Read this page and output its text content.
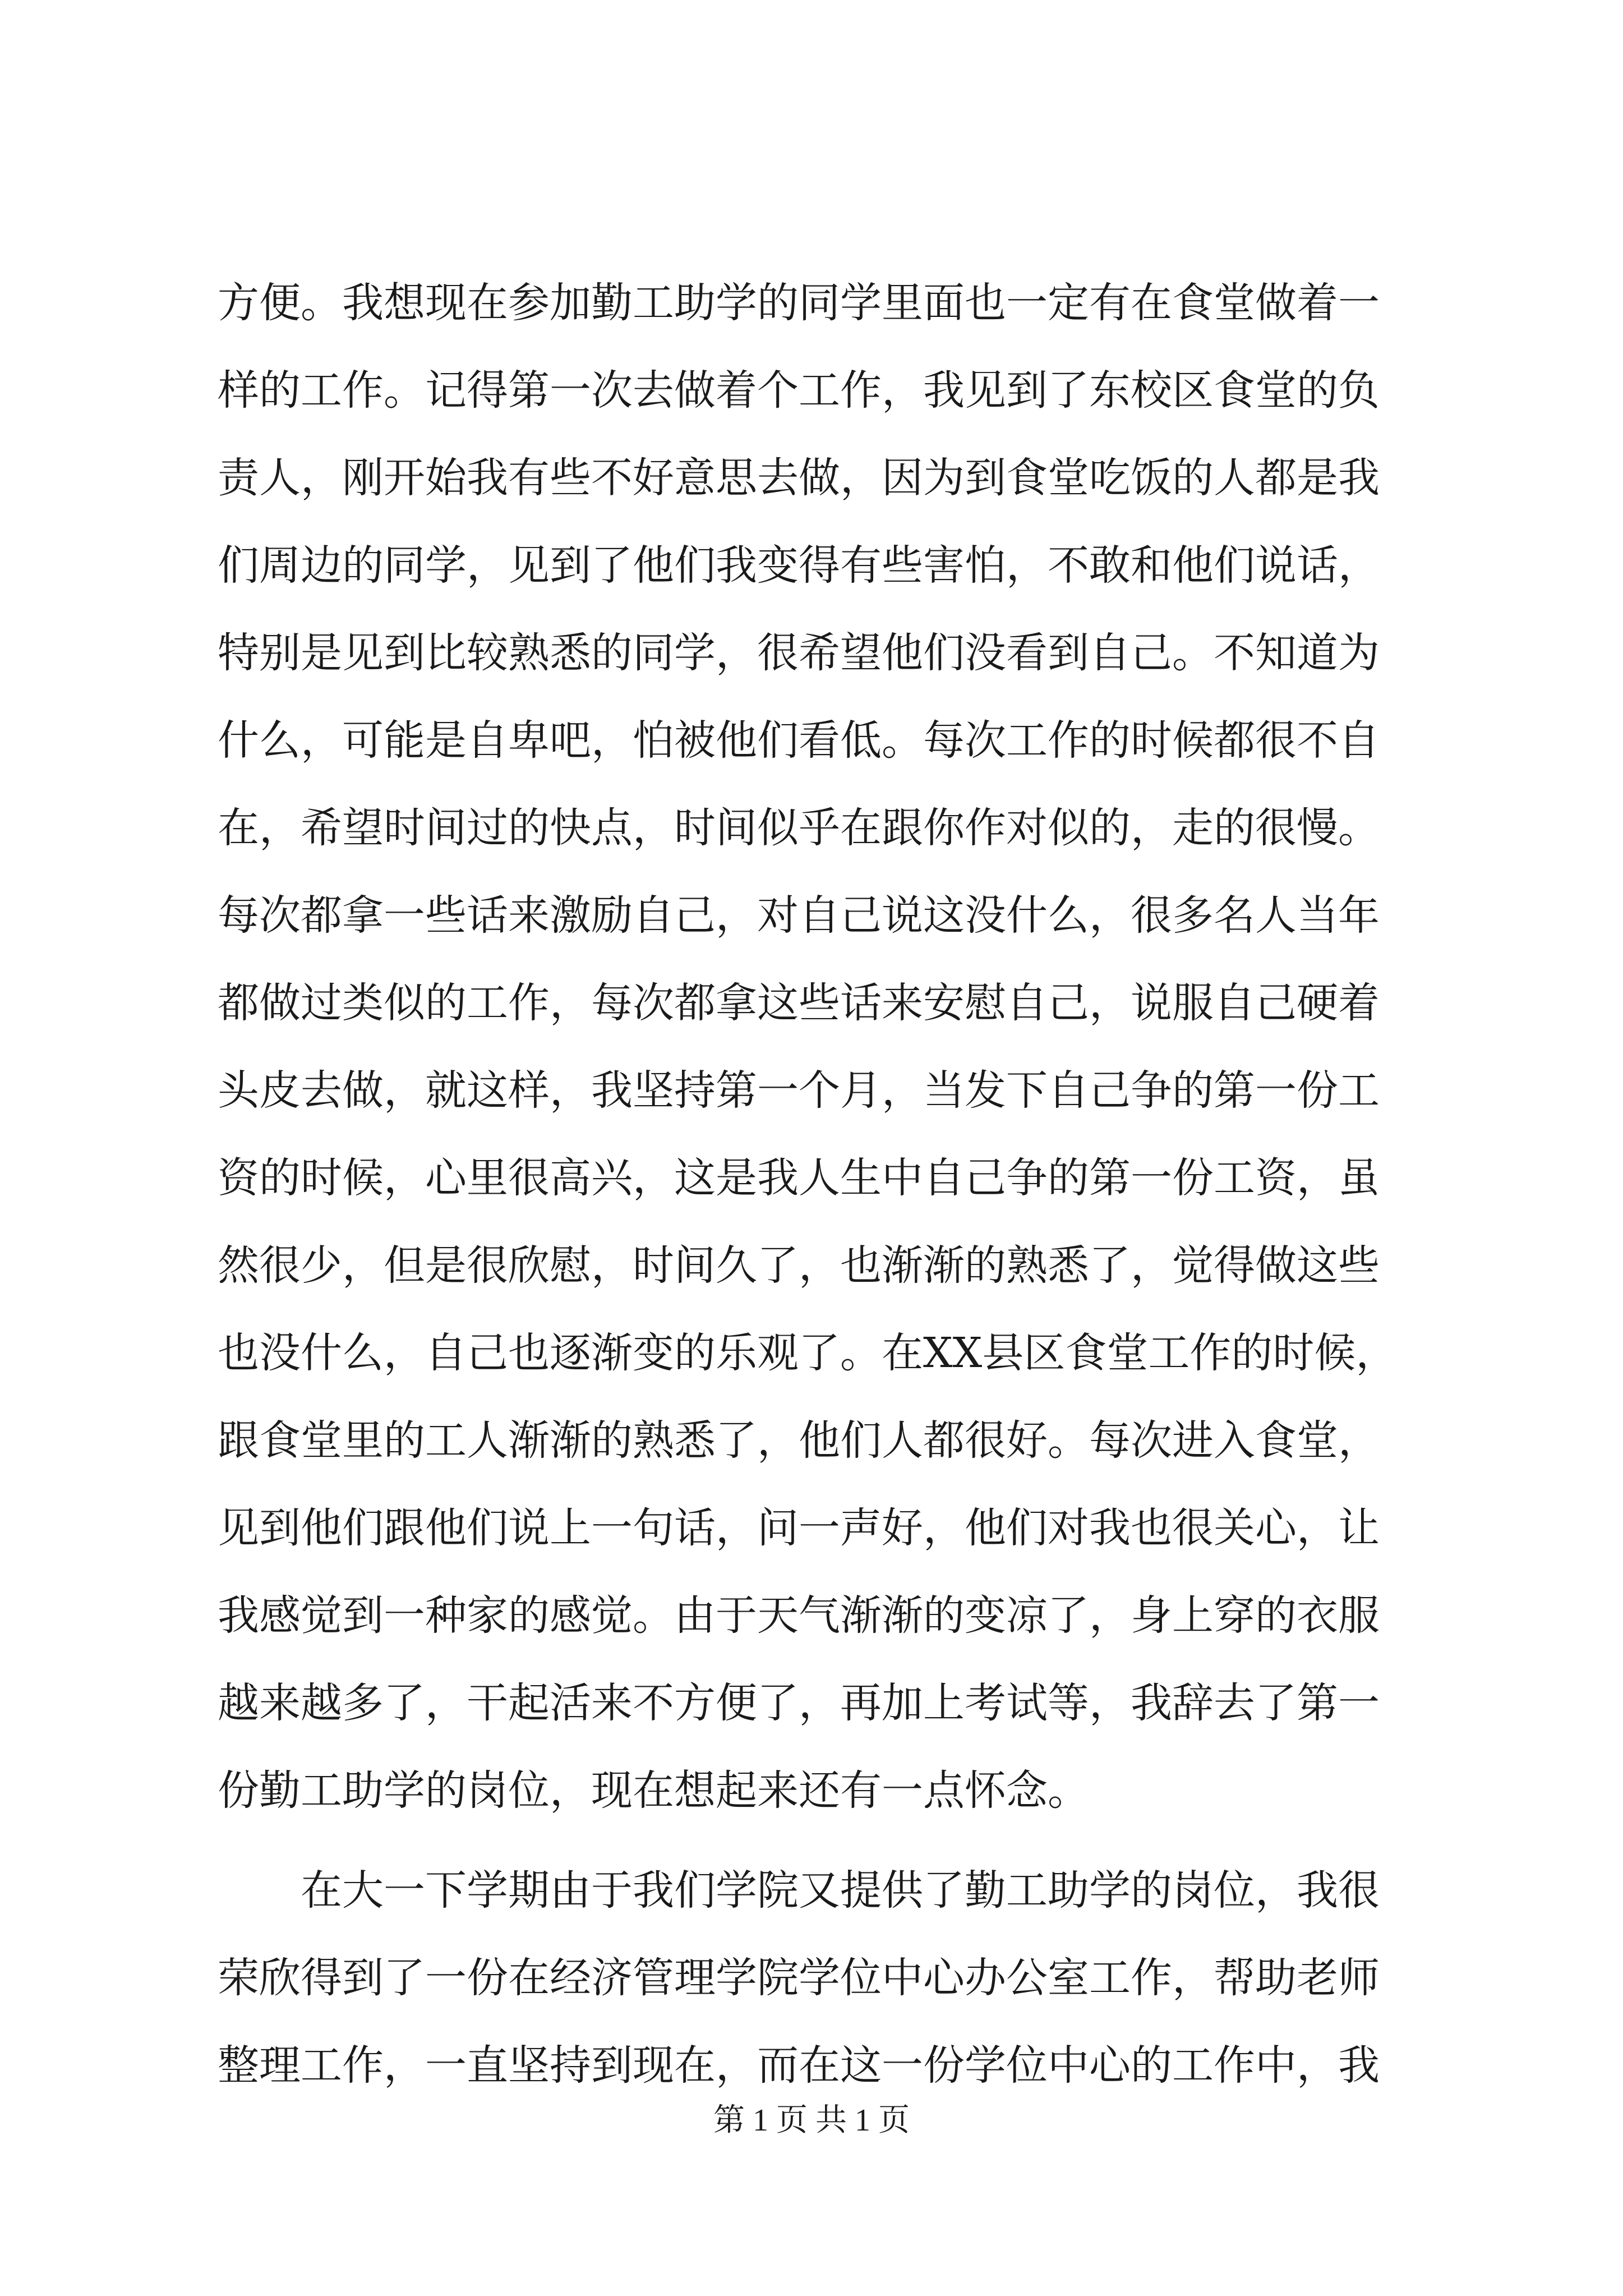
方便。我想现在参加勤工助学的同学里面也一定有在食堂做着一
样的工作。记得第一次去做着个工作，我见到了东校区食堂的负
责人，刚开始我有些不好意思去做，因为到食堂吃饭的人都是我
们周边的同学，见到了他们我变得有些害怕，不敢和他们说话，
特别是见到比较熟悉的同学，很希望他们没看到自己。不知道为
什么，可能是自卑吧，怕被他们看低。每次工作的时候都很不自
在，希望时间过的快点，时间似乎在跟你作对似的，走的很慢。
每次都拿一些话来激励自己，对自己说这没什么，很多名人当年
都做过类似的工作，每次都拿这些话来安慰自己，说服自己硬着
头皮去做，就这样，我坚持第一个月，当发下自己争的第一份工
资的时候，心里很高兴，这是我人生中自己争的第一份工资，虽
然很少，但是很欣慰，时间久了，也渐渐的熟悉了，觉得做这些
也没什么，自己也逐渐变的乐观了。在XX县区食堂工作的时候，
跟食堂里的工人渐渐的熟悉了，他们人都很好。每次进入食堂，
见到他们跟他们说上一句话，问一声好，他们对我也很关心，让
我感觉到一种家的感觉。由于天气渐渐的变凉了，身上穿的衣服
越来越多了，干起活来不方便了，再加上考试等，我辞去了第一
份勤工助学的岗位，现在想起来还有一点怀念。
在大一下学期由于我们学院又提供了勤工助学的岗位，我很
荣欣得到了一份在经济管理学院学位中心办公室工作，帮助老师
整理工作，一直坚持到现在，而在这一份学位中心的工作中，我
第 1 页 共 1 页
